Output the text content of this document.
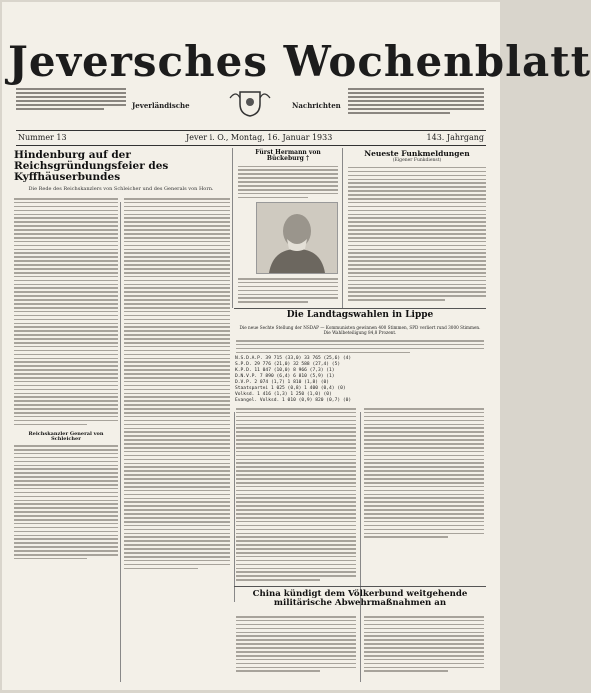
Jeversches Wochenblatt
Jeverländische	Nachrichten
Nummer 13	Jever i. O., Montag, 16. Januar 1933	143. Jahrgang
Hindenburg auf der Reichsgründungsfeier des Kyffhäuserbundes
Die Rede des Reichskanzlers von Schleicher und des Generals von Horn.
Reichskanzler General von Schleicher
Fürst Hermann von Bückeburg †
Neueste Funkmeldungen
(Eigener Funkdienst)
Die Landtagswahlen in Lippe
Die neue Sechte Stellung der NSDAP — Kommunisten gewinnen 400 Stimmen, SPD verliert rund 3000 Stimmen.
Die Wahlbeteiligung 84,8 Prozent.
N.S.D.A.P. 39 715 (33,0) 33 765 (25,6) (4)
S.P.D. 29 776 (21,0) 32 588 (27,4) (5)
K.P.D. 11 047 (10,0) 8 966 (7,3) (1)
D.N.V.P. 7 890 (6,4) 6 810 (5,9) (1)
D.V.P. 2 074 (1,7) 1 810 (1,8) (0)
Staatspartei 1 025 (0,8) 1 400 (0,4) (0)
Volksd. 1 416 (1,3) 1 250 (1,0) (0)
Evangel. Volksd. 1 010 (0,9) 820 (0,7) (0)
China kündigt dem Völkerbund weitgehende militärische Abwehrmaßnahmen an
